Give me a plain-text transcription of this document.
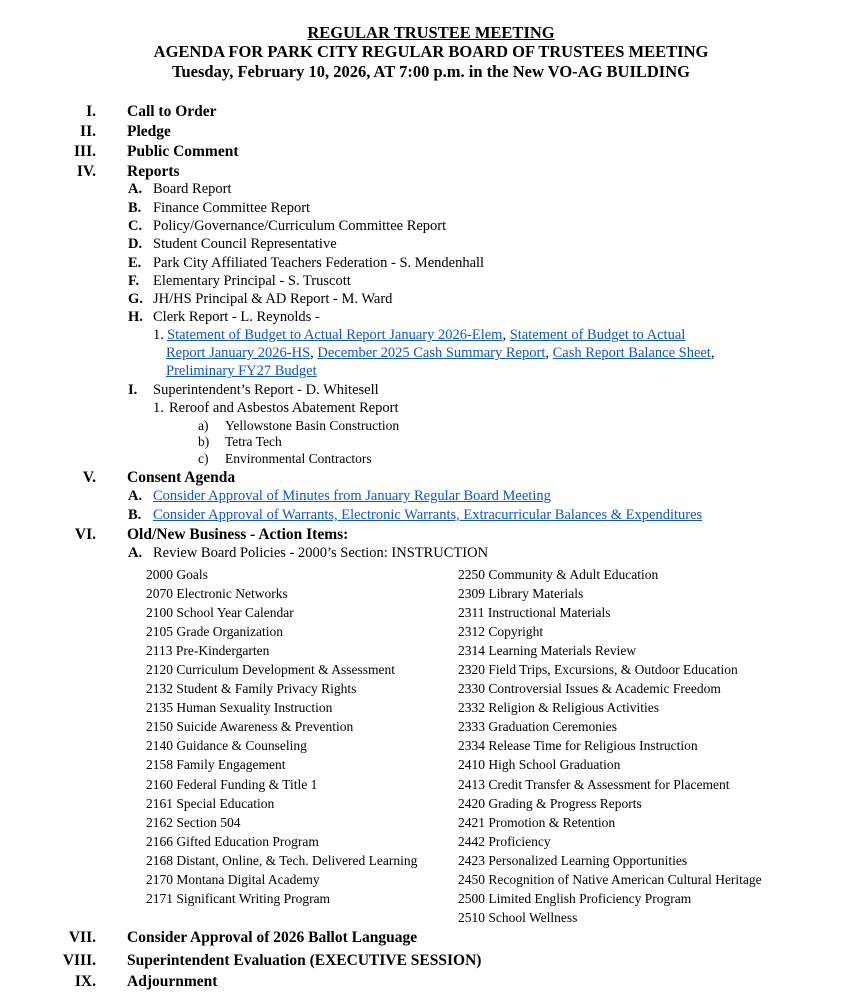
REGULAR TRUSTEE MEETING
AGENDA FOR PARK CITY REGULAR BOARD OF TRUSTEES MEETING
Tuesday, February 10, 2026, AT 7:00 p.m. in the New VO-AG BUILDING
I. Call to Order
II. Pledge
III. Public Comment
IV. Reports
A. Board Report
B. Finance Committee Report
C. Policy/Governance/Curriculum Committee Report
D. Student Council Representative
E. Park City Affiliated Teachers Federation - S. Mendenhall
F. Elementary Principal - S. Truscott
G. JH/HS Principal & AD Report - M. Ward
H. Clerk Report - L. Reynolds -
1. Statement of Budget to Actual Report January 2026-Elem, Statement of Budget to Actual
Report January 2026-HS, December 2025 Cash Summary Report, Cash Report Balance Sheet,
Preliminary FY27 Budget
I. Superintendent’s Report - D. Whitesell
1. Reroof and Asbestos Abatement Report
a) Yellowstone Basin Construction
b) Tetra Tech
c) Environmental Contractors
V. Consent Agenda
A. Consider Approval of Minutes from January Regular Board Meeting
B. Consider Approval of Warrants, Electronic Warrants, Extracurricular Balances & Expenditures
VI. Old/New Business - Action Items:
A. Review Board Policies - 2000’s Section: INSTRUCTION
2000 Goals
2070 Electronic Networks
2100 School Year Calendar
2105 Grade Organization
2113 Pre-Kindergarten
2120 Curriculum Development & Assessment
2132 Student & Family Privacy Rights
2135 Human Sexuality Instruction
2150 Suicide Awareness & Prevention
2140 Guidance & Counseling
2158 Family Engagement
2160 Federal Funding & Title 1
2161 Special Education
2162 Section 504
2166 Gifted Education Program
2168 Distant, Online, & Tech. Delivered Learning
2170 Montana Digital Academy
2171 Significant Writing Program
2250 Community & Adult Education
2309 Library Materials
2311 Instructional Materials
2312 Copyright
2314 Learning Materials Review
2320 Field Trips, Excursions, & Outdoor Education
2330 Controversial Issues & Academic Freedom
2332 Religion & Religious Activities
2333 Graduation Ceremonies
2334 Release Time for Religious Instruction
2410 High School Graduation
2413 Credit Transfer & Assessment for Placement
2420 Grading & Progress Reports
2421 Promotion & Retention
2442 Proficiency
2423 Personalized Learning Opportunities
2450 Recognition of Native American Cultural Heritage
2500 Limited English Proficiency Program
2510 School Wellness
VII. Consider Approval of 2026 Ballot Language
VIII. Superintendent Evaluation (EXECUTIVE SESSION)
IX. Adjournment
